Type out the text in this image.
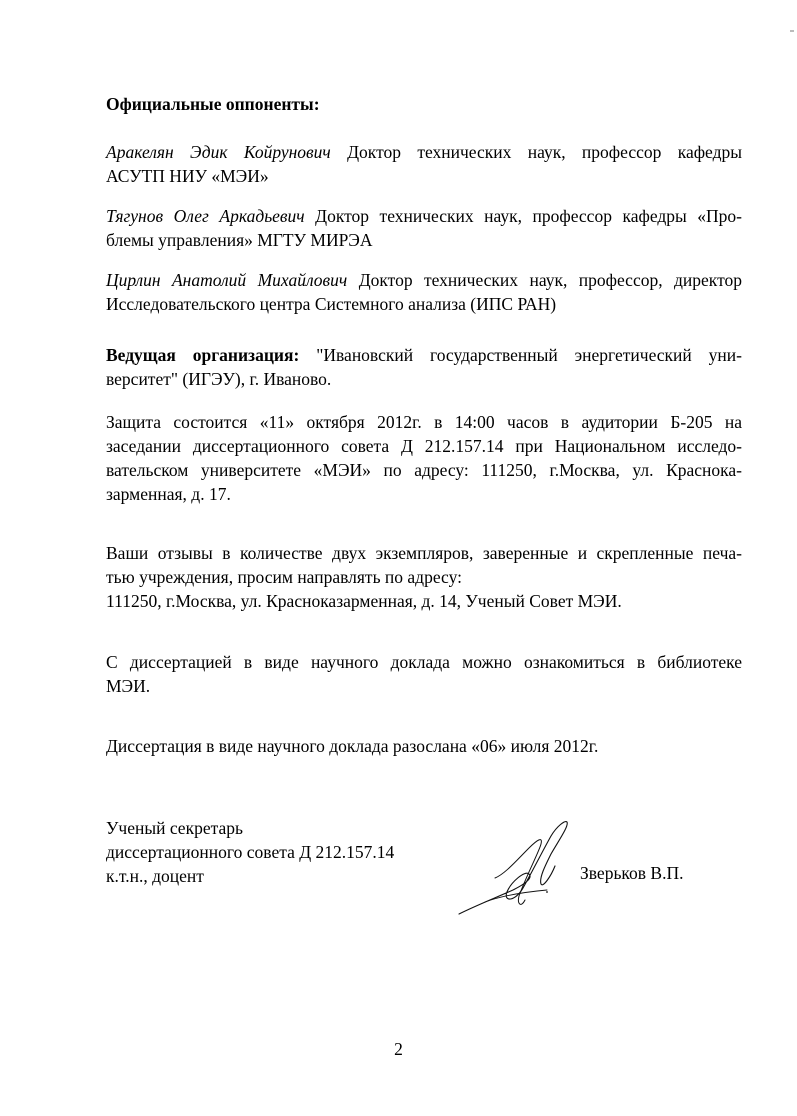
Официальные оппоненты:
Аракелян Эдик Койрунович Доктор технических наук, профессор кафедры
АСУТП НИУ «МЭИ»
Тягунов Олег Аркадьевич Доктор технических наук, профессор кафедры «Про-
блемы управления» МГТУ МИРЭА
Цирлин Анатолий Михайлович Доктор технических наук, профессор, директор
Исследовательского центра Системного анализа (ИПС РАН)
Ведущая организация: "Ивановский государственный энергетический уни-
верситет" (ИГЭУ), г. Иваново.
Защита состоится «11» октября 2012г. в 14:00 часов в аудитории Б-205 на
заседании диссертационного совета Д 212.157.14 при Национальном исследо-
вательском университете «МЭИ» по адресу: 111250, г.Москва, ул. Краснока-
зарменная, д. 17.
Ваши отзывы в количестве двух экземпляров, заверенные и скрепленные печа-
тью учреждения, просим направлять по адресу:
111250, г.Москва, ул. Красноказарменная, д. 14, Ученый Совет МЭИ.
С диссертацией в виде научного доклада можно ознакомиться в библиотеке
МЭИ.
Диссертация в виде научного доклада разослана «06» июля 2012г.
Ученый секретарь
диссертационного совета Д 212.157.14
к.т.н., доцент	Зверьков В.П.
2
